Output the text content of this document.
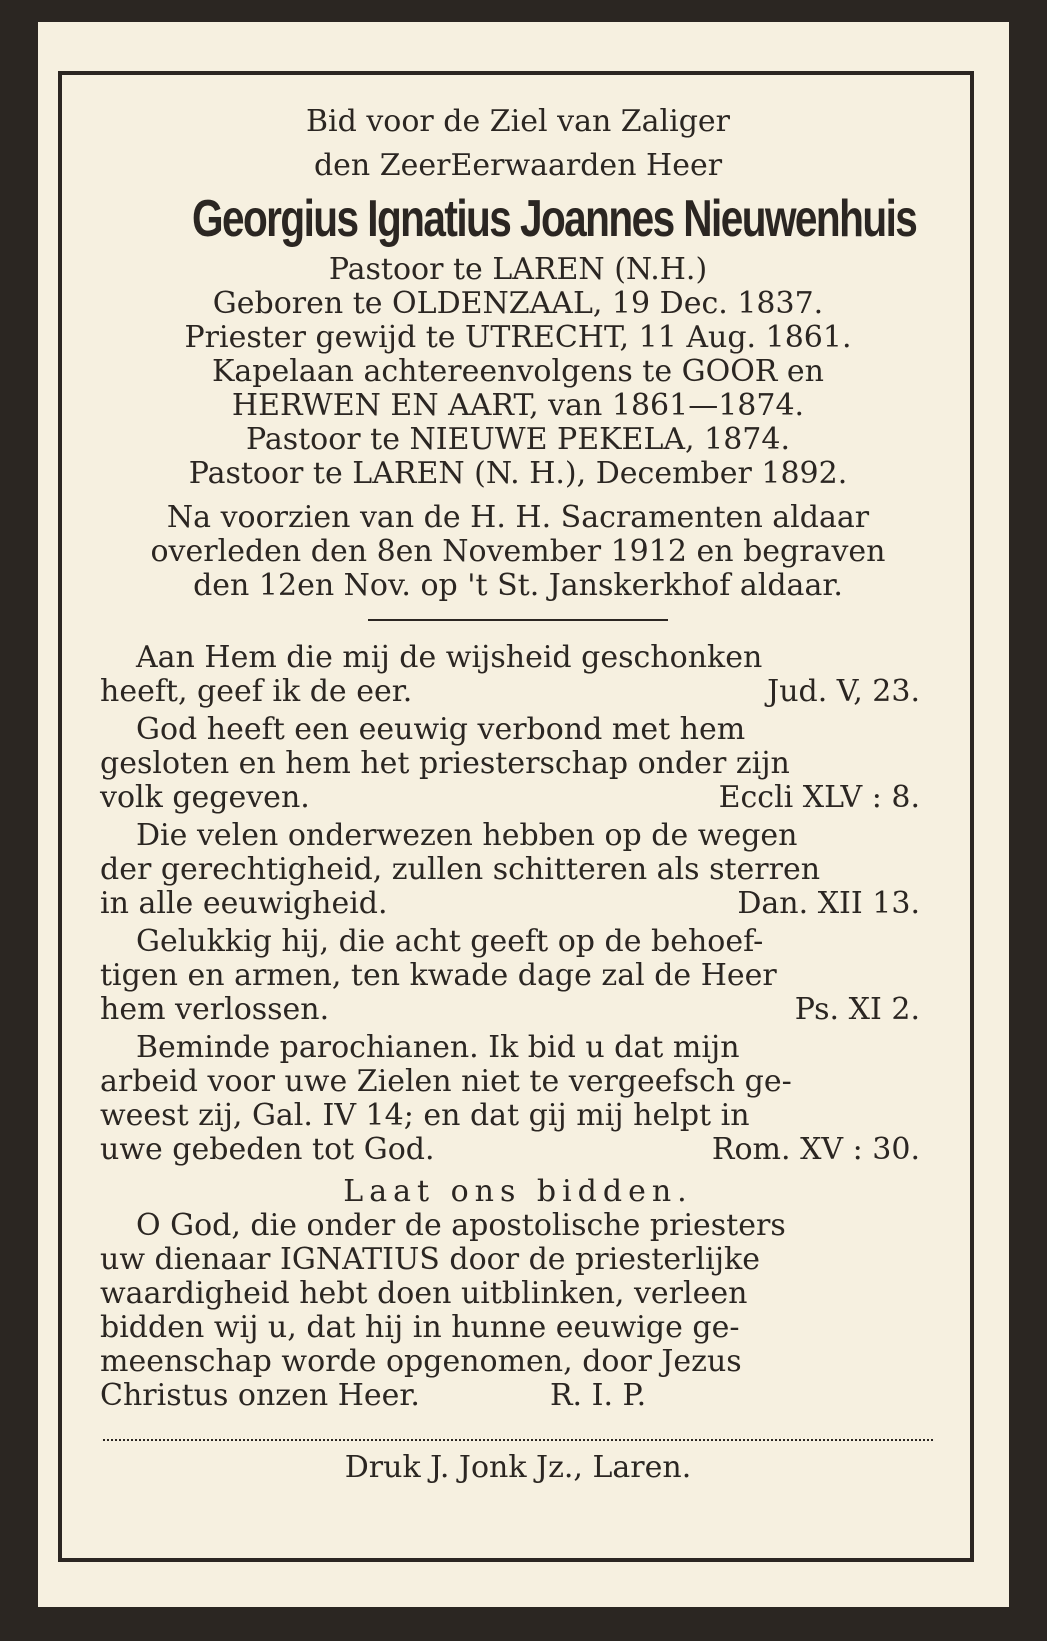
Bid voor de Ziel van Zaliger
den ZeerEerwaarden Heer
Georgius Ignatius Joannes Nieuwenhuis
Pastoor te LAREN (N.H.)
Geboren te OLDENZAAL, 19 Dec. 1837.
Priester gewijd te UTRECHT, 11 Aug. 1861.
Kapelaan achtereenvolgens te GOOR en
HERWEN EN AART, van 1861—1874.
Pastoor te NIEUWE PEKELA, 1874.
Pastoor te LAREN (N. H.), December 1892.
Na voorzien van de H. H. Sacramenten aldaar
overleden den 8en November 1912 en begraven
den 12en Nov. op 't St. Janskerkhof aldaar.
Aan Hem die mij de wijsheid geschonken
heeft, geef ik de eer.	Jud. V, 23.
God heeft een eeuwig verbond met hem
gesloten en hem het priesterschap onder zijn
volk gegeven.	Eccli XLV : 8.
Die velen onderwezen hebben op de wegen
der gerechtigheid, zullen schitteren als sterren
in alle eeuwigheid.	Dan. XII 13.
Gelukkig hij, die acht geeft op de behoef-
tigen en armen, ten kwade dage zal de Heer
hem verlossen.	Ps. XI 2.
Beminde parochianen. Ik bid u dat mijn
arbeid voor uwe Zielen niet te vergeefsch ge-
weest zij, Gal. IV 14; en dat gij mij helpt in
uwe gebeden tot God.	Rom. XV : 30.
Laat ons bidden.
O God, die onder de apostolische priesters
uw dienaar IGNATIUS door de priesterlijke
waardigheid hebt doen uitblinken, verleen
bidden wij u, dat hij in hunne eeuwige ge-
meenschap worde opgenomen, door Jezus
Christus onzen Heer.	R. I. P.
Druk J. Jonk Jz., Laren.
